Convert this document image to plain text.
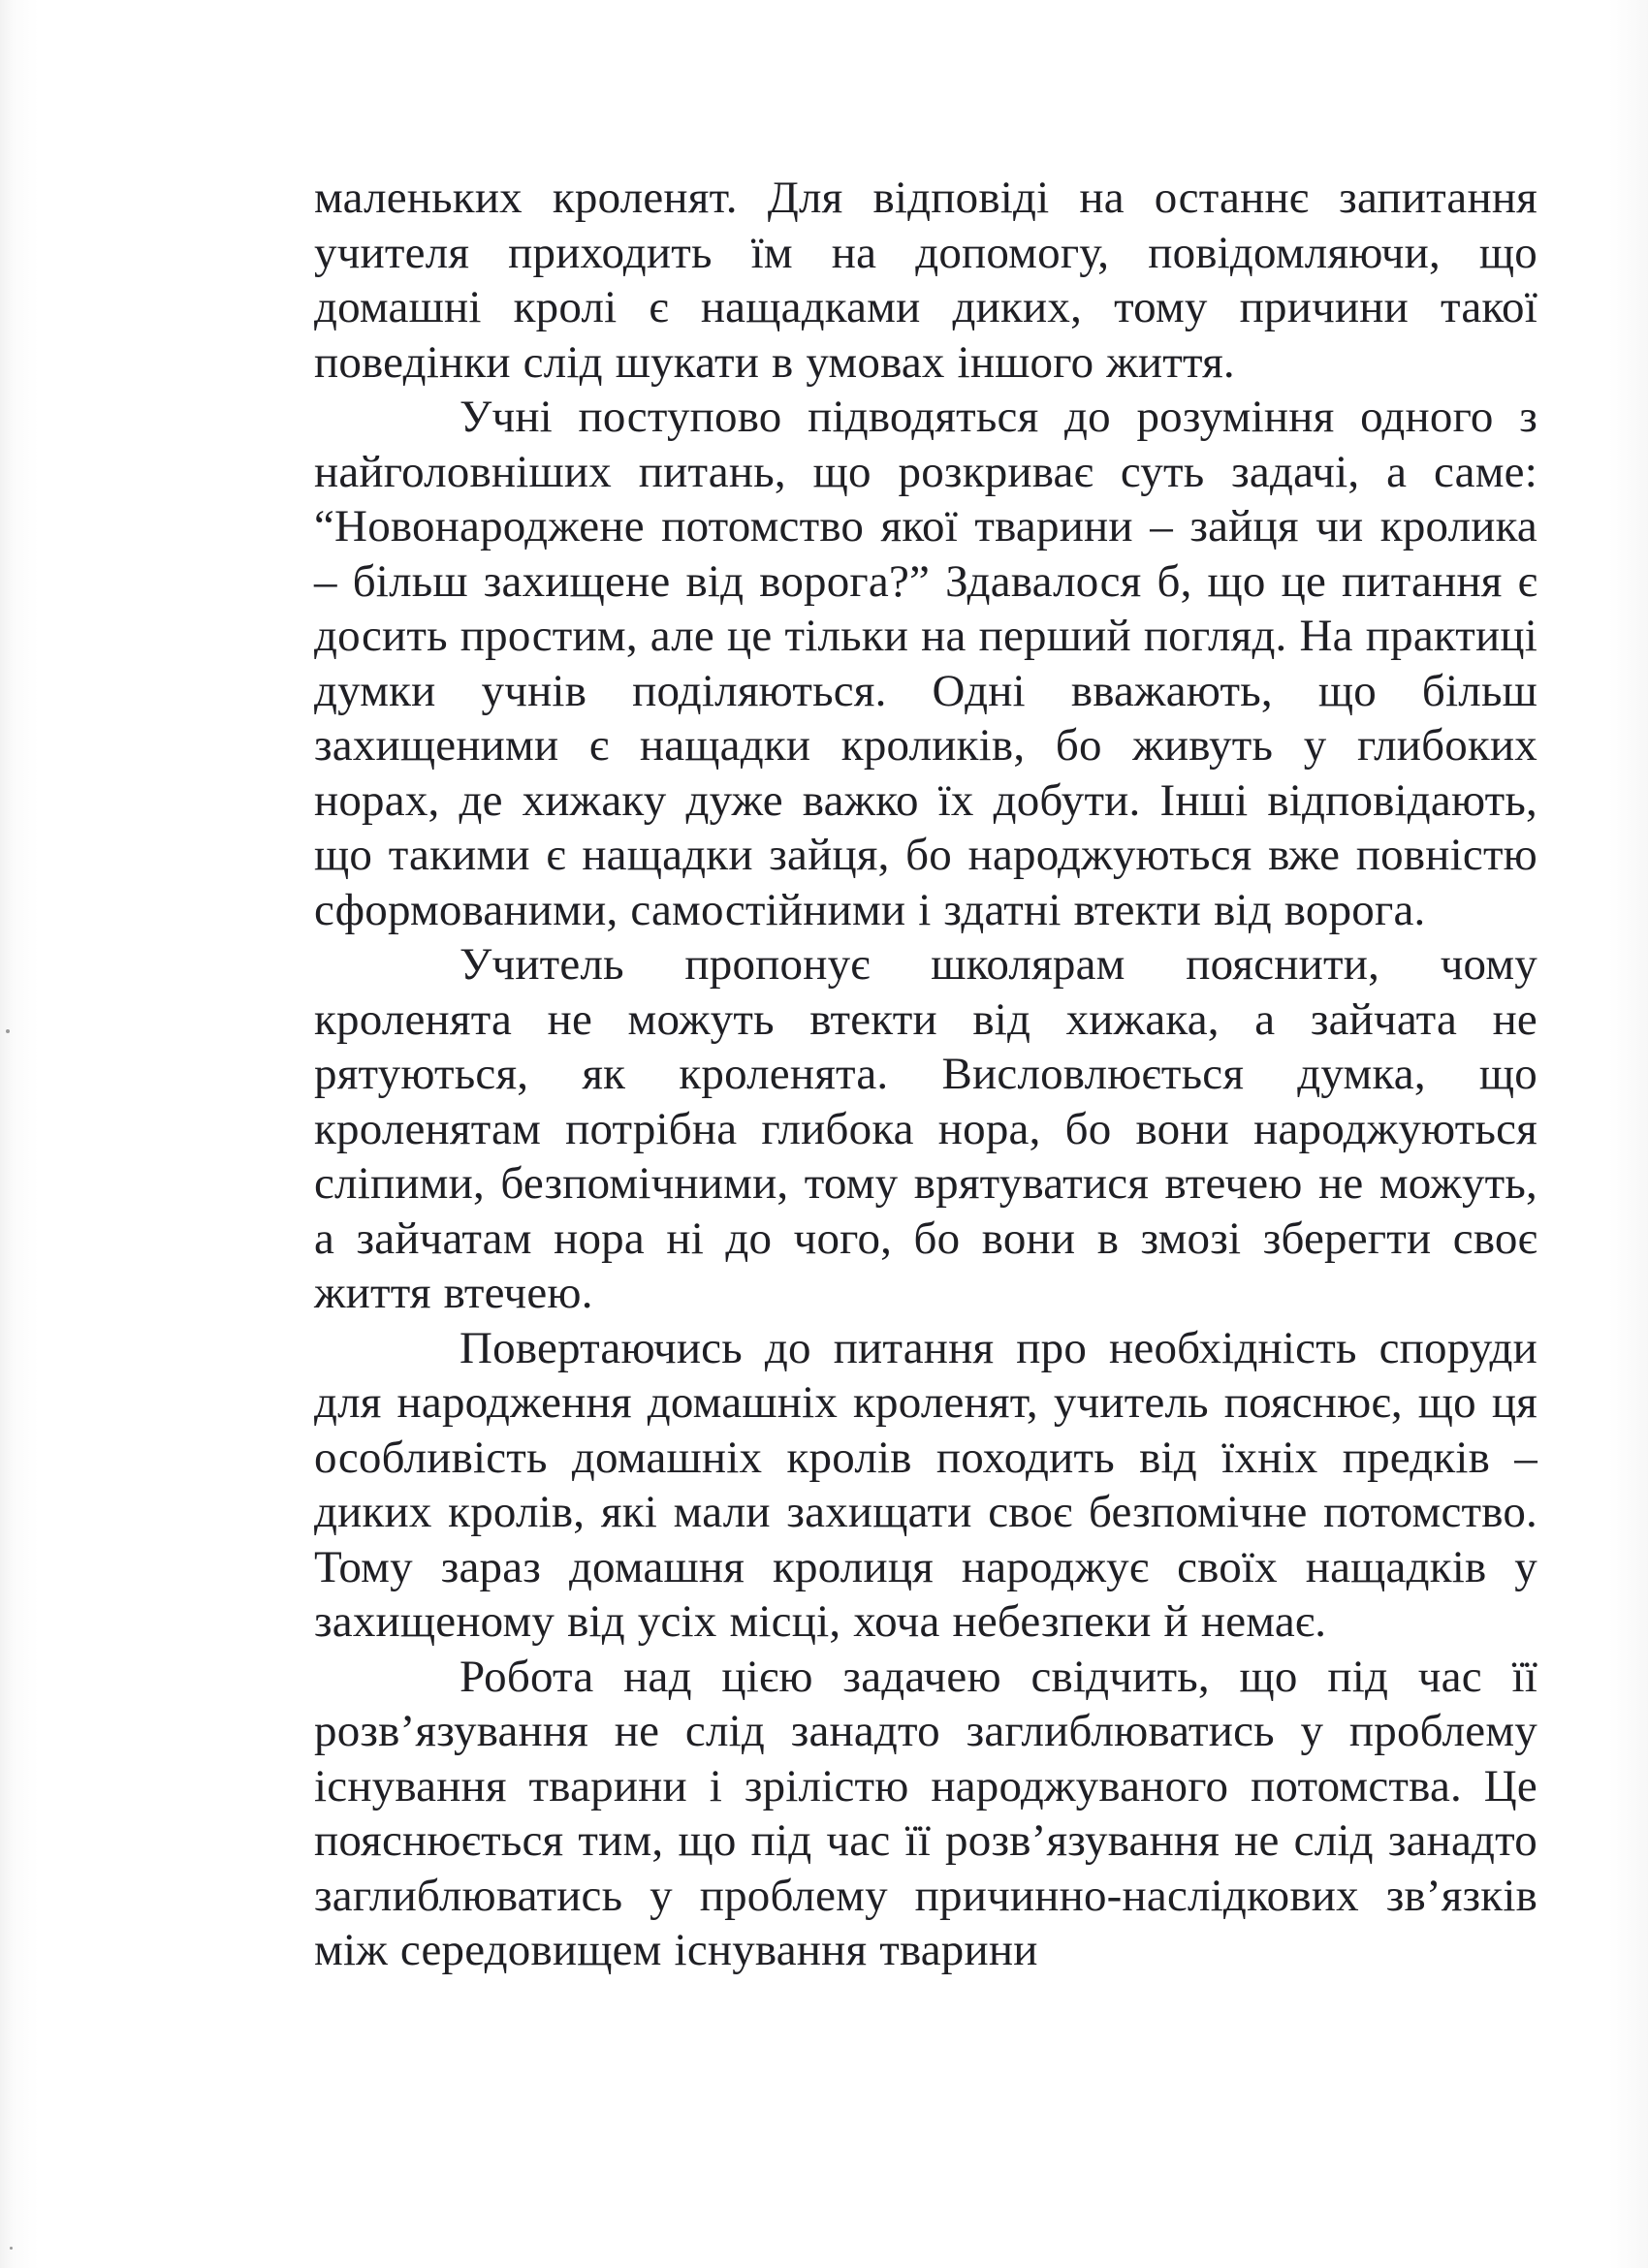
маленьких кроленят. Для відповіді на останнє запитання учителя приходить їм на допомогу, повідомляючи, що домашні кролі є нащадками диких, тому причини такої поведінки слід шукати в умовах іншого життя.

Учні поступово підводяться до розуміння одного з найголовніших питань, що розкриває суть задачі, а саме: “Новонароджене потомство якої тварини – зайця чи кролика – більш захищене від ворога?” Здавалося б, що це питання є досить простим, але це тільки на перший погляд. На практиці думки учнів поділяються. Одні вважають, що більш захищеними є нащадки кроликів, бо живуть у глибоких норах, де хижаку дуже важко їх добути. Інші відповідають, що такими є нащадки зайця, бо народжуються вже повністю сформованими, самостійними і здатні втекти від ворога.

Учитель пропонує школярам пояснити, чому кроленята не можуть втекти від хижака, а зайчата не рятуються, як кроленята. Висловлюється думка, що кроленятам потрібна глибока нора, бо вони народжуються сліпими, безпомічними, тому врятуватися втечею не можуть, а зайчатам нора ні до чого, бо вони в змозі зберегти своє життя втечею.

Повертаючись до питання про необхідність споруди для народження домашніх кроленят, учитель пояснює, що ця особливість домашніх кролів походить від їхніх предків – диких кролів, які мали захищати своє безпомічне потомство. Тому зараз домашня кролиця народжує своїх нащадків у захищеному від усіх місці, хоча небезпеки й немає.

Робота над цією задачею свідчить, що під час її розв’язування не слід занадто заглиблюватись у проблему існування тварини і зрілістю народжуваного потомства. Це пояснюється тим, що під час її розв’язування не слід занадто заглиблюватись у проблему причинно-наслідкових зв’язків між середовищем існування тварини
